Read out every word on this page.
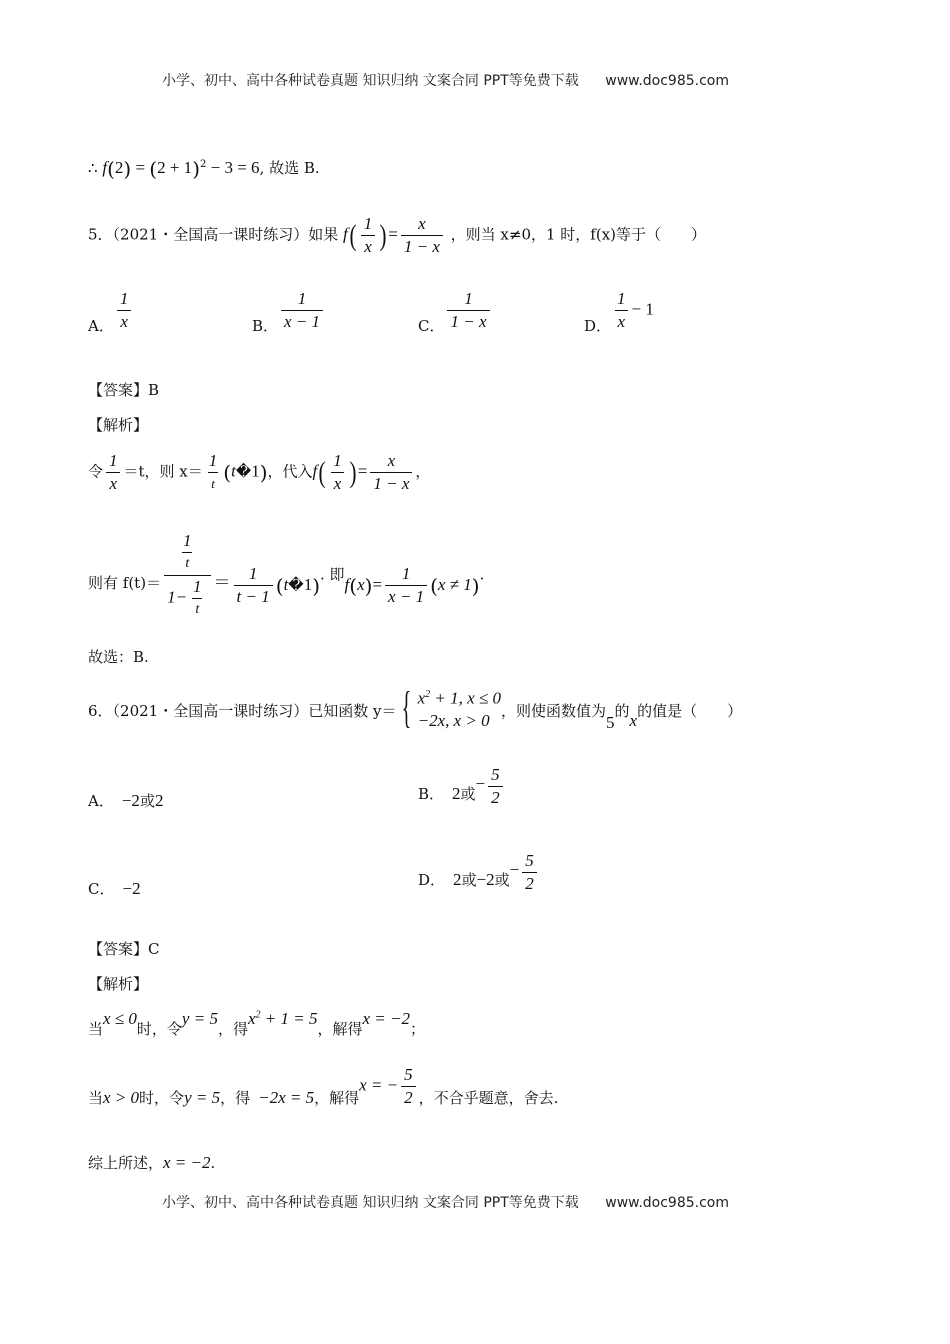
小学、初中、高中各种试卷真题 知识归纳 文案合同 PPT等免费下载 www.doc985.com
∴ $f(2) = (2 + 1)^2 - 3 = 6$, 故选 B.
5．（2021・全国高一课时练习）如果 $f( \frac{1}{x}$ )= $\frac{x}{1 - x}$ ，则当 x≠0，1 时，f(x)等于（　　）
A． $\frac{1}{x}$	B． $\frac{1}{x - 1}$	C． $\frac{1}{1 - x}$	D． $\frac{1}{x} - 1$
【答案】B
【解析】
令 $\frac{1}{x} =t$，则 $x= \frac{1}{t}$ (t�1)，代入$f( \frac{1}{x}$ )= $\frac{x}{1 - x}$ ，
则有 $f(t)= \frac{\frac{1}{t}}{1- \frac{1}{t}} = \frac{1}{t - 1}$ (t�1). 即$f(x)= \frac{1}{x - 1} (x \ne 1)$.
故选：B.
6．（2021・全国高一课时练习）已知函数 y＝ { $x^2 + 1$, x ≤ 0
−2x, x > 0 ，则使函数值为5的x的值是（　　）
A． −2或2	B． 2或− $\frac{5}{2}$
C． −2	D． 2或−2或− $\frac{5}{2}$
【答案】C
【解析】
当x ≤ 0时，令y = 5，得$x^2 + 1 = 5$，解得x = −2；
当x > 0时，令y = 5，得 −2x = 5，解得x = − $\frac{5}{2}$ ，不合乎题意，舍去.
综上所述，x = −2.
小学、初中、高中各种试卷真题 知识归纳 文案合同 PPT等免费下载 www.doc985.com
